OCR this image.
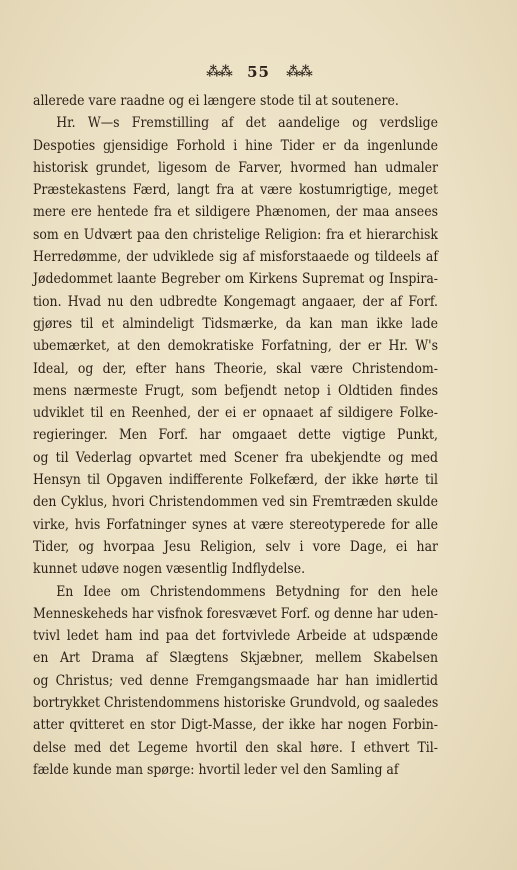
⁂⁂ 55 ⁂⁂
allerede vare raadne og ei længere stode til at soutenere.
Hr. W—s Fremstilling af det aandelige og verdslige
Despoties gjensidige Forhold i hine Tider er da ingenlunde
historisk grundet, ligesom de Farver, hvormed han udmaler
Præstekastens Færd, langt fra at være kostumrigtige, meget
mere ere hentede fra et sildigere Phænomen, der maa ansees
som en Udvært paa den christelige Religion: fra et hierarchisk
Herredømme, der udvikledе sig af misforstaaede og tildeels af
Jødedommet laante Begreber om Kirkens Supremat og Inspira-
tion. Hvad nu den udbredte Kongemagt angaaer, der af Forf.
gjøres til et almindeligt Tidsmærke, da kan man ikke lade
ubemærket, at den demokratiske Forfatning, der er Hr. W's
Ideal, og der, efter hans Theorie, skal være Christendom-
mens nærmeste Frugt, som befjendt netop i Oldtiden findes
udviklet til en Reenhed, der ei er opnaaet af sildigere Folke-
regieringer. Men Forf. har omgaaet dette vigtige Punkt,
og til Vederlag opvartet med Scener fra ubekjendte og med
Hensyn til Opgaven indifferente Folkefærd, der ikke hørte til
den Cyklus, hvori Christendommen ved sin Fremtræden skulde
virke, hvis Forfatninger synes at være stereotyperede for alle
Tider, og hvorpaa Jesu Religion, selv i vore Dage, ei har
kunnet udøve nogen væsentlig Indflydelse.
En Idee om Christendommens Betydning for den hele
Menneskeheds har visfnok foresvævet Forf. og denne har uden-
tvivl ledet ham ind paa det fortvivlede Arbeide at udspænde
en Art Drama af Slægtens Skjæbner, mellem Skabelsen
og Christus; ved denne Fremgangsmaade har han imidlertid
bortrykket Christendommens historiske Grundvold, og saaledes
atter qvitteret en stor Digt-Masse, der ikke har nogen Forbin-
delse med det Legeme hvortil den skal høre. I ethvert Til-
fælde kunde man spørge: hvortil leder vel den Samling af
